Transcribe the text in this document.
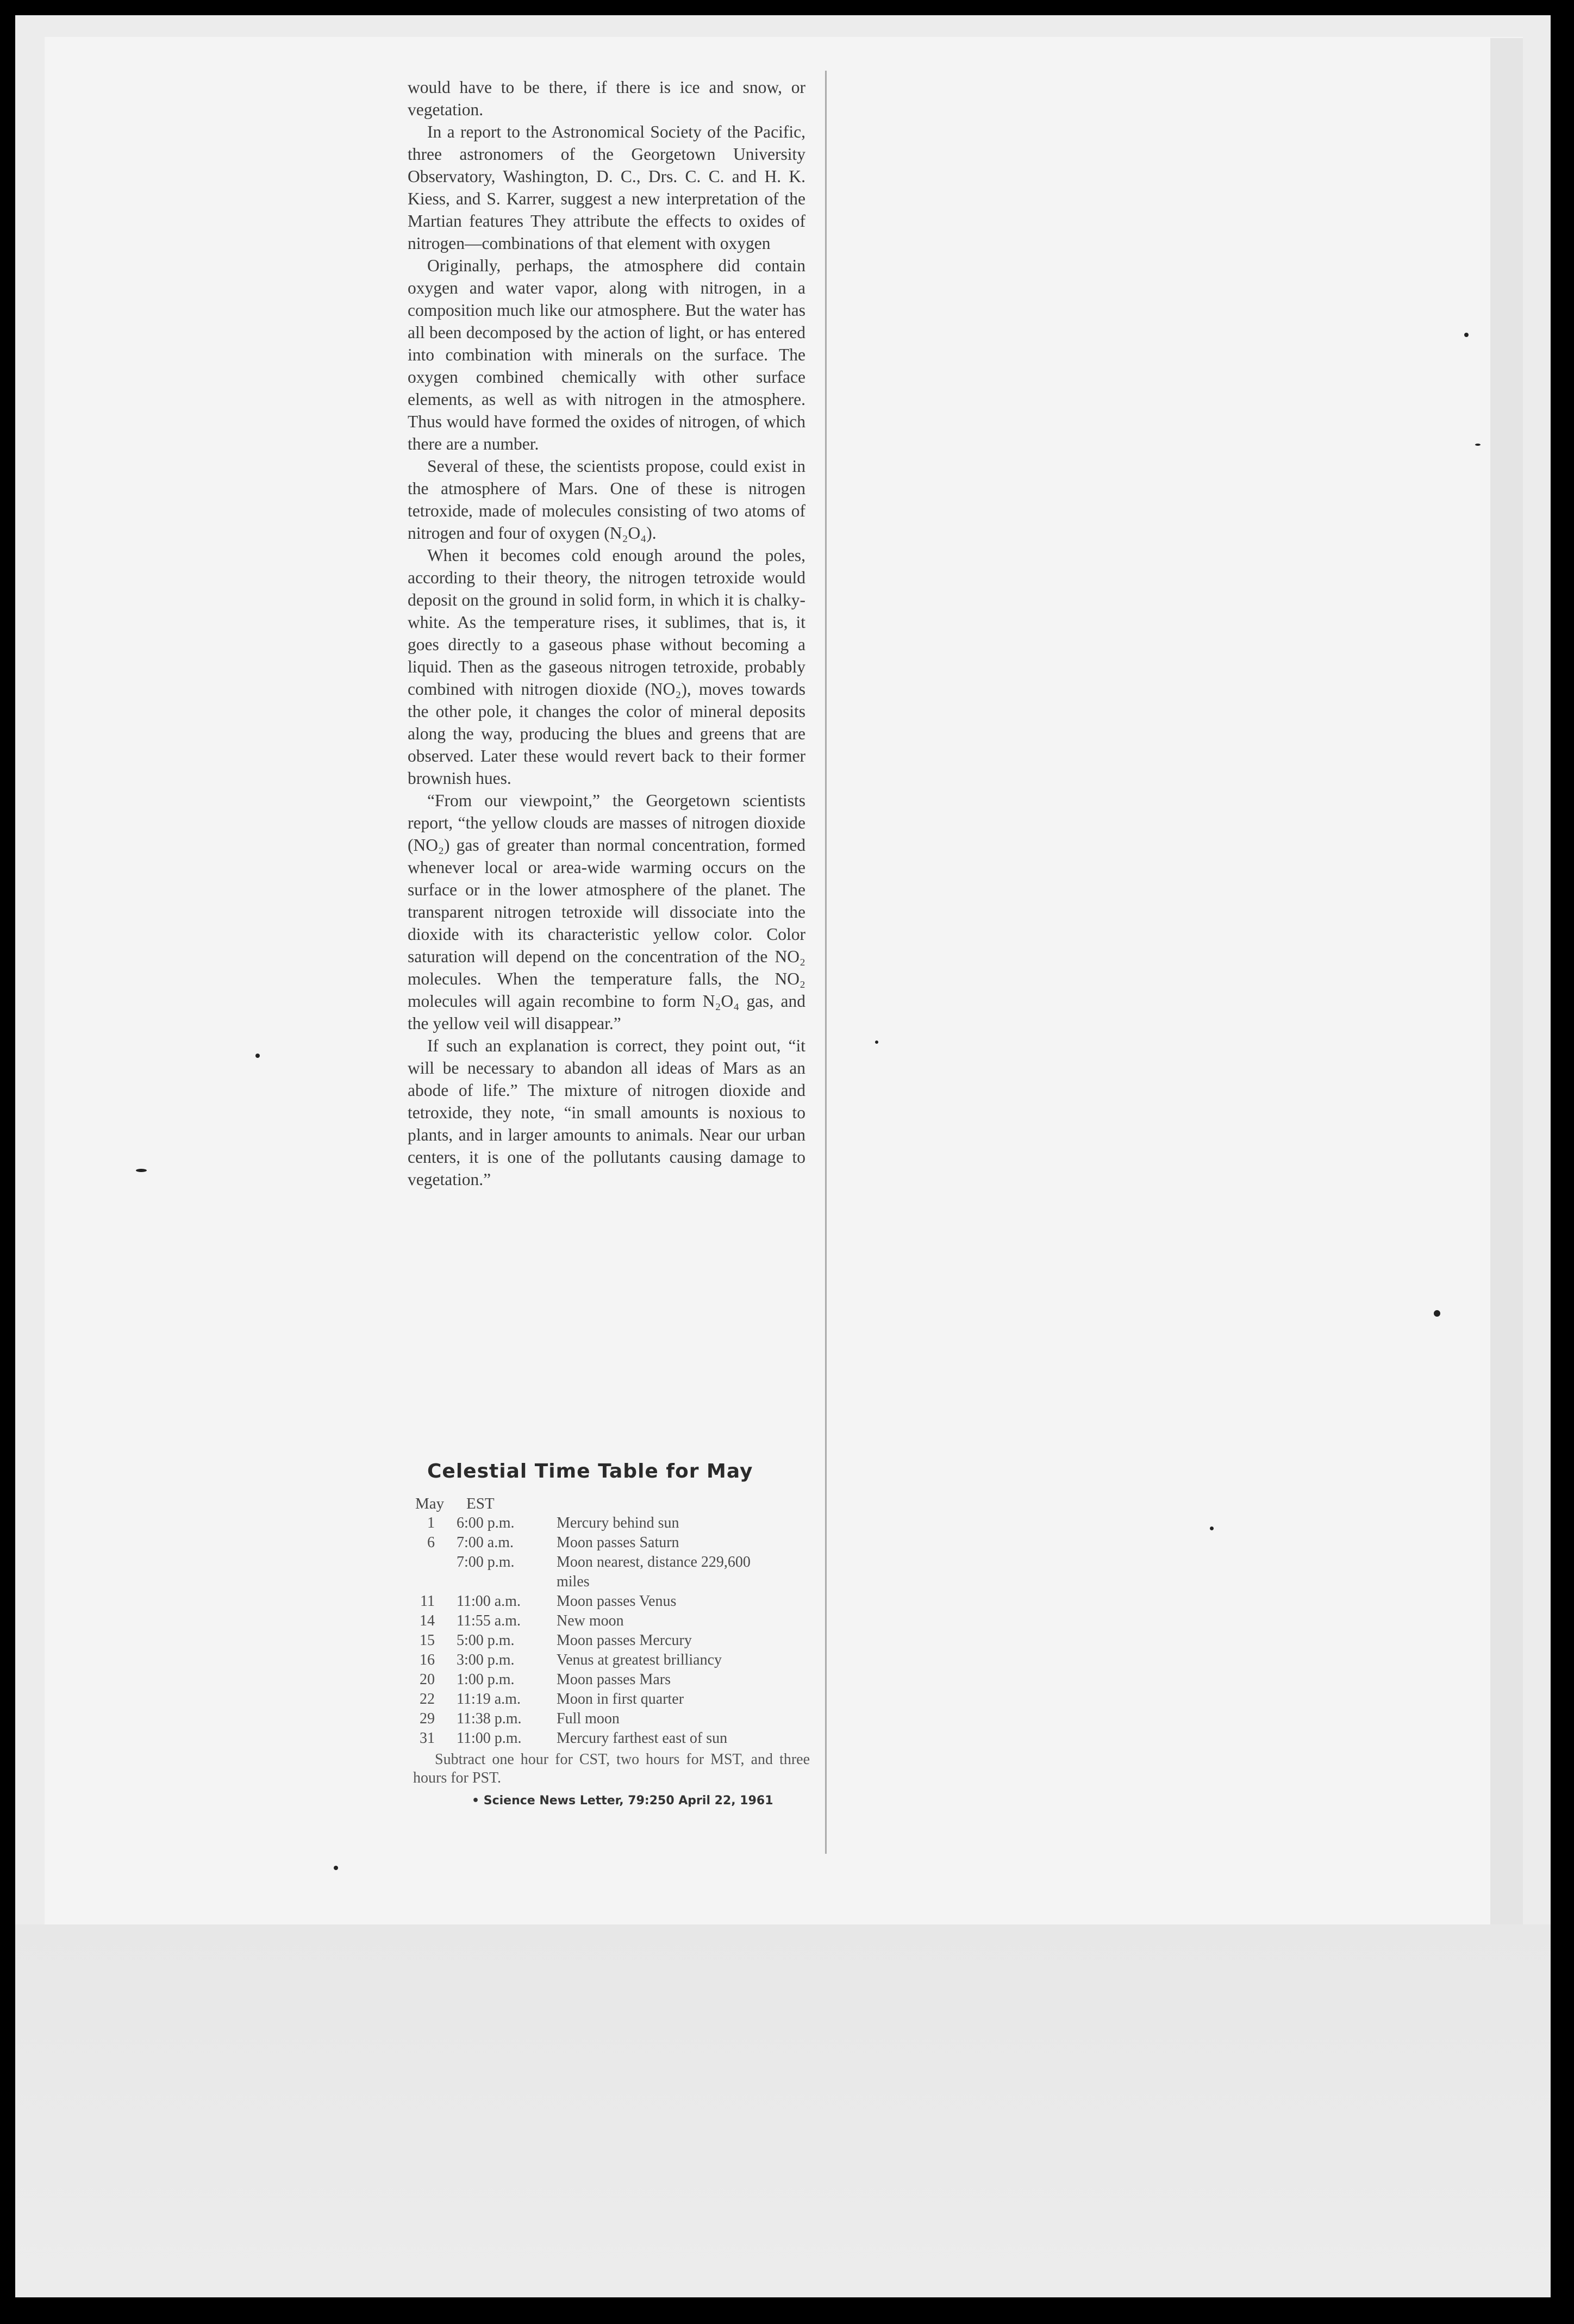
would have to be there, if there is ice and snow, or vegetation.

In a report to the Astronomical Society of the Pacific, three astronomers of the Georgetown University Observatory, Washington, D. C., Drs. C. C. and H. K. Kiess, and S. Karrer, suggest a new interpretation of the Martian features They attribute the effects to oxides of nitrogen—combinations of that element with oxygen

Originally, perhaps, the atmosphere did contain oxygen and water vapor, along with nitrogen, in a composition much like our atmosphere. But the water has all been decomposed by the action of light, or has entered into combination with minerals on the surface. The oxygen combined chemically with other surface elements, as well as with nitrogen in the atmosphere. Thus would have formed the oxides of nitrogen, of which there are a number.

Several of these, the scientists propose, could exist in the atmosphere of Mars. One of these is nitrogen tetroxide, made of molecules consisting of two atoms of nitrogen and four of oxygen (N₂O₄).

When it becomes cold enough around the poles, according to their theory, the nitrogen tetroxide would deposit on the ground in solid form, in which it is chalky-white. As the temperature rises, it sublimes, that is, it goes directly to a gaseous phase without becoming a liquid. Then as the gaseous nitrogen tetroxide, probably combined with nitrogen dioxide (NO₂), moves towards the other pole, it changes the color of mineral deposits along the way, producing the blues and greens that are observed. Later these would revert back to their former brownish hues.

“From our viewpoint,” the Georgetown scientists report, “the yellow clouds are masses of nitrogen dioxide (NO₂) gas of greater than normal concentration, formed whenever local or area-wide warming occurs on the surface or in the lower atmosphere of the planet. The transparent nitrogen tetroxide will dissociate into the dioxide with its characteristic yellow color. Color saturation will depend on the concentration of the NO₂ molecules. When the temperature falls, the NO₂ molecules will again recombine to form N₂O₄ gas, and the yellow veil will disappear.”

If such an explanation is correct, they point out, “it will be necessary to abandon all ideas of Mars as an abode of life.” The mixture of nitrogen dioxide and tetroxide, they note, “in small amounts is noxious to plants, and in larger amounts to animals. Near our urban centers, it is one of the pollutants causing damage to vegetation.”

Celestial Time Table for May
May EST
1 6:00 p.m.	Mercury behind sun
6 7:00 a.m.	Moon passes Saturn
7:00 p.m.	Moon nearest, distance 229,600
miles
11 11:00 a.m. Moon passes Venus
14 11:55 a.m. New moon
15 5:00 p.m.	Moon passes Mercury
16 3:00 p.m.	Venus at greatest brilliancy
20 1:00 p.m.	Moon passes Mars
22 11:19 a.m. Moon in first quarter
29 11:38 p.m. Full moon
31 11:00 p.m. Mercury farthest east of sun
Subtract one hour for CST, two hours for MST, and three hours for PST.
• Science News Letter, 79:250 April 22, 1961
